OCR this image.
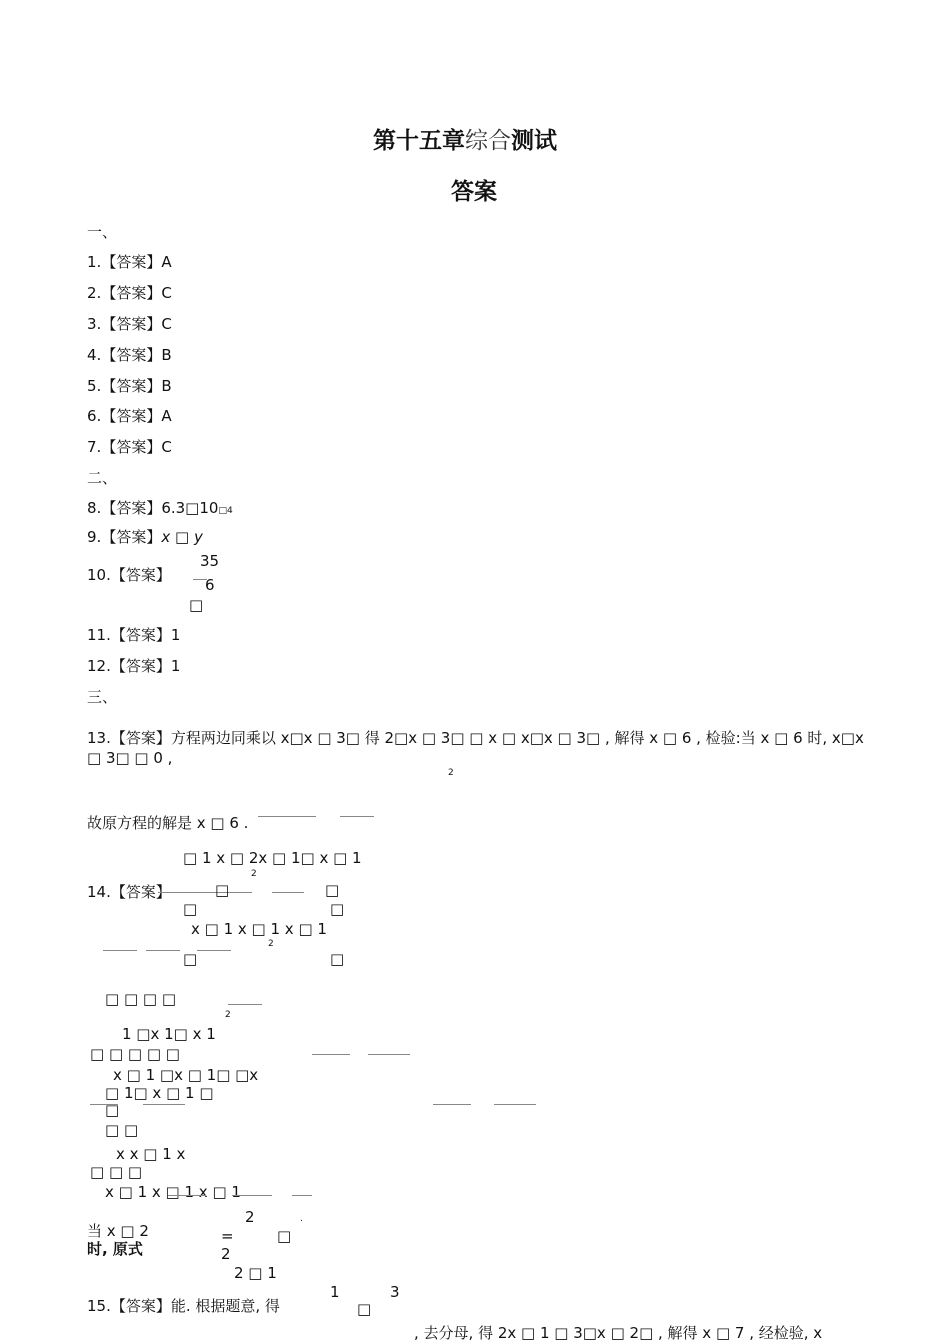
第十五章综合测试
答案
一、
1.【答案】A
2.【答案】C
3.【答案】C
4.【答案】B
5.【答案】B
6.【答案】A
7.【答案】C
二、
8.【答案】6.3□10□4
9.【答案】x □ y
10.【答案】
35
6
□
11.【答案】1
12.【答案】1
三、
13.【答案】方程两边同乘以 x□x □ 3□ 得 2□x □ 3□ □ x □ x□x □ 3□ , 解得 x □ 6 , 检验:当 x □ 6 时, x□x
□ 3□ □ 0 ,
2
故原方程的解是 x □ 6 .
□ 1 x □ 2x □ 1□ x □ 1
2
14.【答案】	□	□
□	□
x □ 1 x □ 1 x □ 1
2
□	□
□ □ □ □
2
1 □x 1□ x 1
□ □ □ □ □
x □ 1 □x □ 1□ □x
□ 1□ x □ 1 □
□
□ □
x x □ 1 x
□ □ □
x □ 1 x □ 1 x □ 1
2	.
当 x □ 2	=	□
时, 原式	2
2 □ 1
1	3
15.【答案】能. 根据题意, 得	□
, 去分母, 得 2x □ 1 □ 3□x □ 2□ , 解得 x □ 7 , 经检验, x
